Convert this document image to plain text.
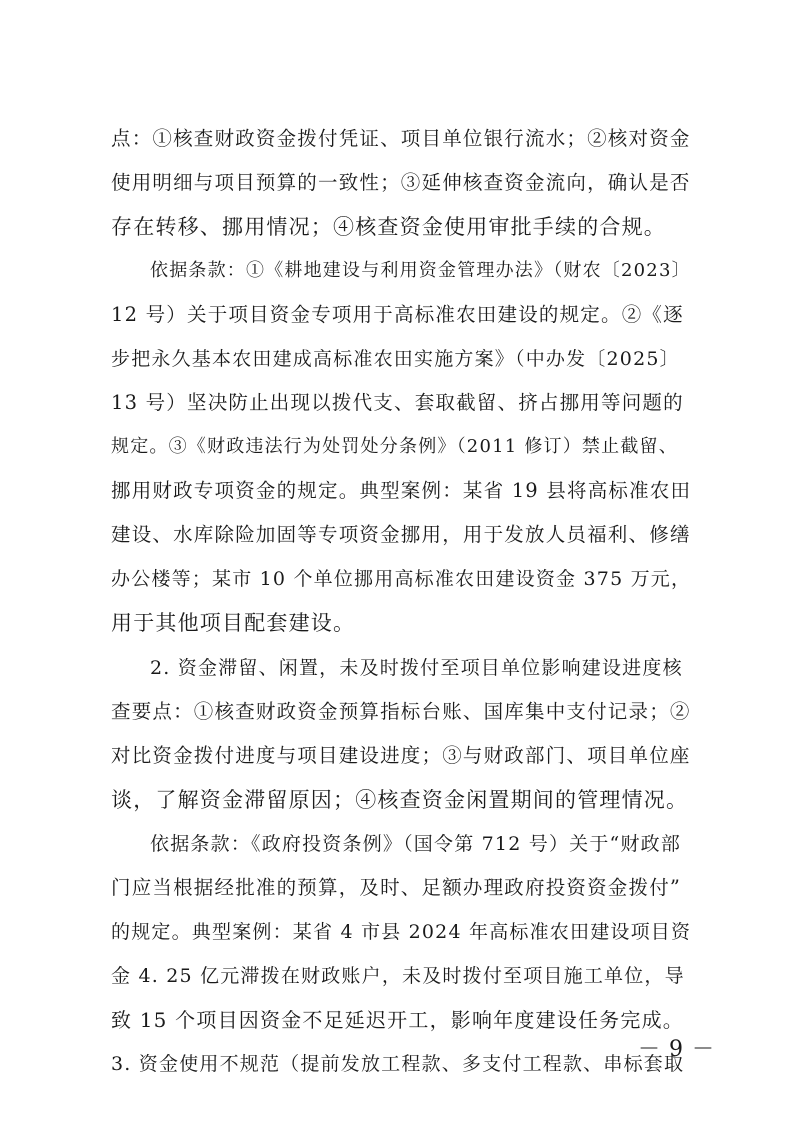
点：①核查财政资金拨付凭证、项目单位银行流水；②核对资金
使用明细与项目预算的一致性；③延伸核查资金流向，确认是否
存在转移、挪用情况；④核查资金使用审批手续的合规。
依据条款：①《耕地建设与利用资金管理办法》（财农〔2023〕
12 号）关于项目资金专项用于高标准农田建设的规定。②《逐
步把永久基本农田建成高标准农田实施方案》（中办发〔2025〕
13 号）坚决防止出现以拨代支、套取截留、挤占挪用等问题的
规定。③《财政违法行为处罚处分条例》（2011 修订）禁止截留、
挪用财政专项资金的规定。典型案例：某省 19 县将高标准农田
建设、水库除险加固等专项资金挪用，用于发放人员福利、修缮
办公楼等；某市 10 个单位挪用高标准农田建设资金 375 万元，
用于其他项目配套建设。
2. 资金滞留、闲置，未及时拨付至项目单位影响建设进度核
查要点：①核查财政资金预算指标台账、国库集中支付记录；②
对比资金拨付进度与项目建设进度；③与财政部门、项目单位座
谈，了解资金滞留原因；④核查资金闲置期间的管理情况。
依据条款：《政府投资条例》（国令第 712 号）关于“财政部
门应当根据经批准的预算，及时、足额办理政府投资资金拨付”
的规定。典型案例：某省 4 市县 2024 年高标准农田建设项目资
金 4. 25 亿元滞拨在财政账户，未及时拨付至项目施工单位，导
致 15 个项目因资金不足延迟开工，影响年度建设任务完成。
3. 资金使用不规范（提前发放工程款、多支付工程款、串标套取
－ 9 －
